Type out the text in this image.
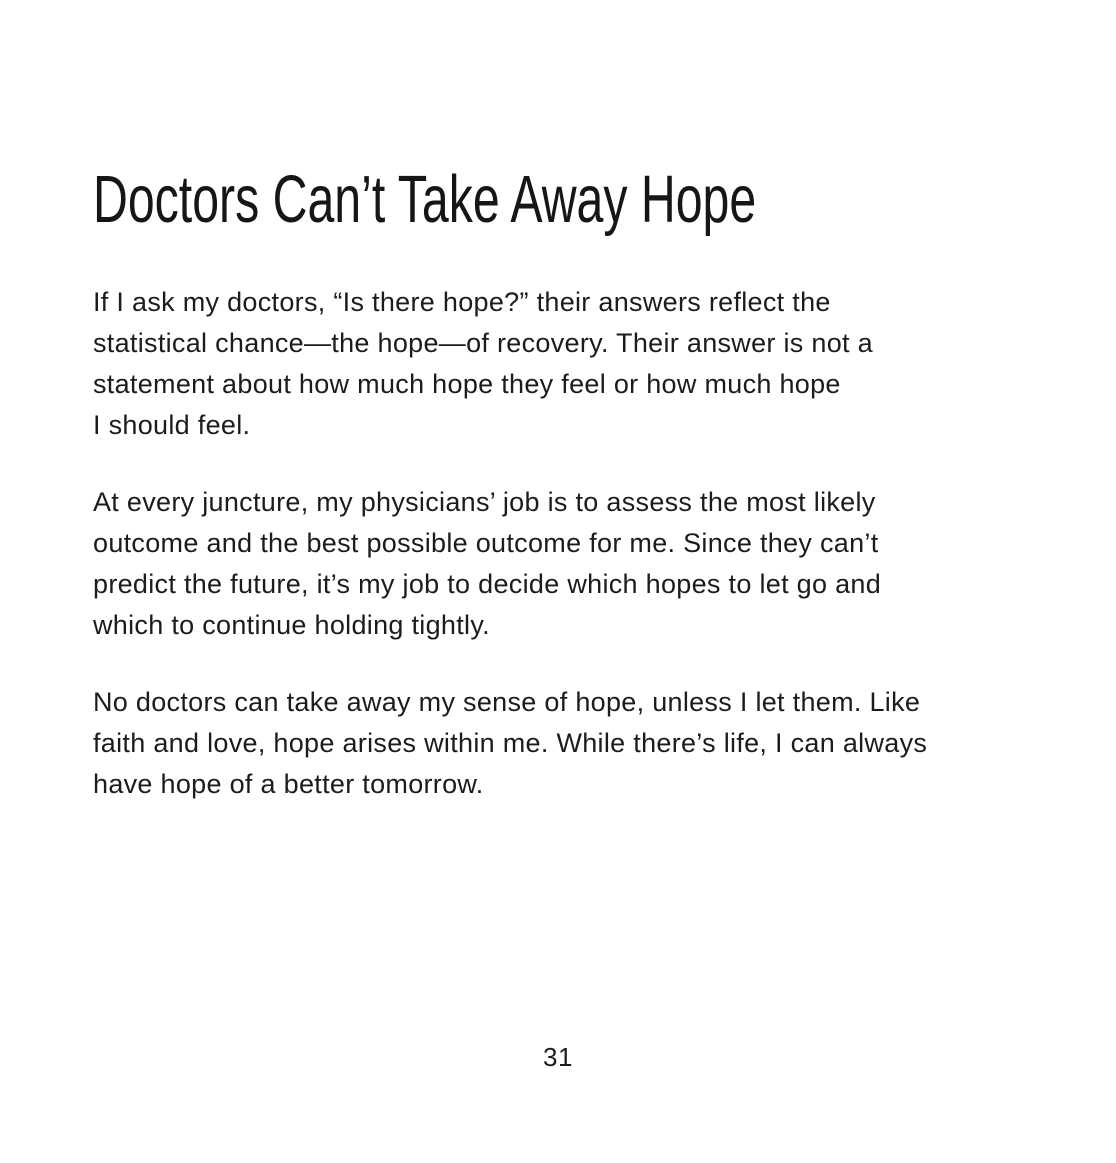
Doctors Can’t Take Away Hope

If I ask my doctors, “Is there hope?” their answers reflect the
statistical chance—the hope—of recovery. Their answer is not a
statement about how much hope they feel or how much hope
I should feel.

At every juncture, my physicians’ job is to assess the most likely
outcome and the best possible outcome for me. Since they can’t
predict the future, it’s my job to decide which hopes to let go and
which to continue holding tightly.

No doctors can take away my sense of hope, unless I let them. Like
faith and love, hope arises within me. While there’s life, I can always
have hope of a better tomorrow.

31
